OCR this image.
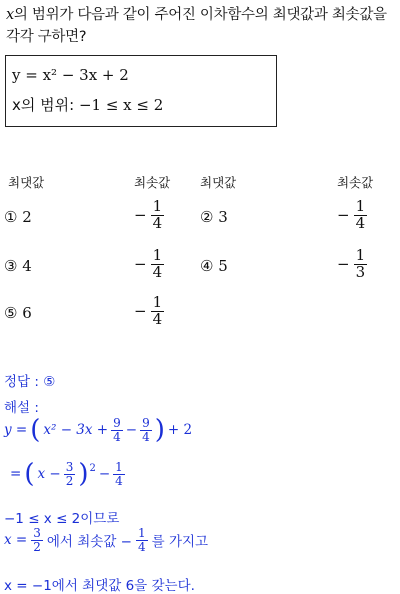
x의 범위가 다음과 같이 주어진 이차함수의 최댓값과 최솟값을 각각 구하면?
y = x² − 3x + 2
x의 범위: −1 ≤ x ≤ 2
최댓값	최솟값 최댓값	최솟값
① 2	− $\frac{1}{4}$ ② 3	− $\frac{1}{4}$
③ 4	− $\frac{1}{4}$ ④ 5	− $\frac{1}{3}$
⑤ 6	− $\frac{1}{4}$
정답 : ⑤
해설 :
y = ( $x^2 - 3x + \frac{9}{4} - \frac{9}{4}$ ) + 2
= ( $x - \frac{3}{2} )^2 - \frac{1}{4}$
−1 ≤ x ≤ 2이므로
$x = \frac{3}{2}$ 에서 최솟값 − $\frac{1}{4}$ 를 가지고
x = −1에서 최댓값 6을 갖는다.
